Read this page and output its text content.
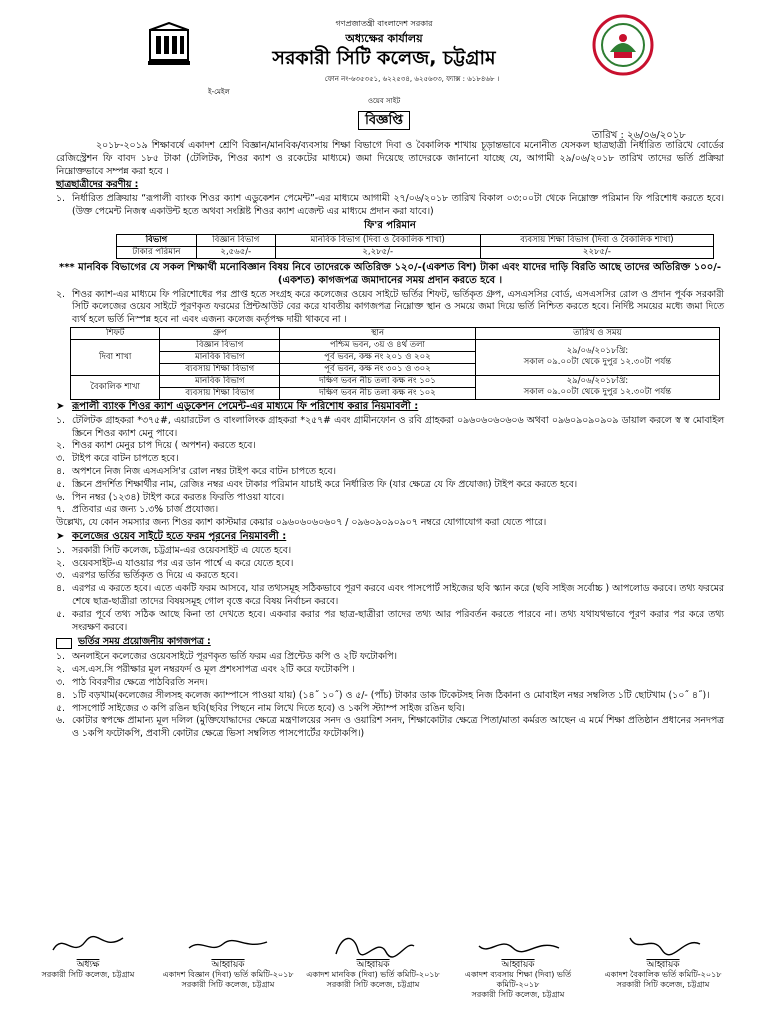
গণপ্রজাতন্ত্রী বাংলাদেশ সরকার
অধ্যক্ষের কার্যালয়
সরকারী সিটি কলেজ, চট্টগ্রাম
ফোন নং-৬৩৫৩৫১, ৬২২৫৩৪, ৬২৫৬৩৩, ফ্যাক্স : ৬১৮৪৬৮ ।
ই-মেইল
ওয়েব সাইট
বিজ্ঞপ্তি
তারিখ : ২৬/০৬/২০১৮

২০১৮-২০১৯ শিক্ষাবর্ষে একাদশ শ্রেণি বিজ্ঞান/মানবিক/ব্যবসায় শিক্ষা বিভাগে দিবা ও বৈকালিক শাখায় চূড়ান্তভাবে মনোনীত যেসকল ছাত্রছাত্রী নির্ধারিত তারিখে বোর্ডের রেজিস্ট্রেশন ফি বাবদ ১৮৫ টাকা (টেলিটক, শিওর ক্যাশ ও রকেটের মাধ্যমে) জমা দিয়েছে তাদেরকে জানানো যাচ্ছে যে, আগামী ২৯/০৬/২০১৮ তারিখ তাদের ভর্তি প্রক্রিয়া নিম্নোক্তভাবে সম্পন্ন করা হবে ।

ছাত্রছাত্রীদের করণীয় :
১. নির্ধারিত প্রক্রিয়ায় “রূপালী ব্যাংক শিওর ক্যাশ এডুকেশন পেমেন্ট”-এর মাধ্যমে আগামী ২৭/০৬/২০১৮ তারিখ বিকাল ০৩:০০টা থেকে নিম্নোক্ত পরিমান ফি পরিশোধ করতে হবে।(উক্ত পেমেন্ট নিজস্ব একাউন্ট হতে অথবা সংশ্লিষ্ট শিওর ক্যাশ এজেন্ট এর মাধ্যমে প্রদান করা যাবে।)
ফি'র পরিমান
বিভাগ	বিজ্ঞান বিভাগ	মানবিক বিভাগ (দিবা ও বৈকালিক শাখা)	ব্যবসায় শিক্ষা বিভাগ (দিবা ও বৈকালিক শাখা)
টাকার পরিমান	২,৫৬৫/-	২,২৮৫/-	২২৮৫/-
*** মানবিক বিভাগের যে সকল শিক্ষার্থী মনোবিজ্ঞান বিষয় নিবে তাদেরকে অতিরিক্ত ১২০/-(একশত বিশ) টাকা এবং যাদের দাড়ি বিরতি আছে তাদের অতিরিক্ত ১০০/- (একশত) কাগজপত্র জমাদানের সময় প্রদান করতে হবে ।
২. শিওর ক্যাশ-এর মাধ্যমে ফি পরিশোধের পর প্রাপ্ত হতে সংগ্রহ করে কলেজের ওয়েব সাইটে ভর্তির শিফট, ভর্তিকৃত গ্রুপ, এসএসসির বোর্ড, এসএসসির রোল ও প্রদান পূর্বক সরকারী সিটি কলেজের ওয়েব সাইটে পূরণকৃত ফরমের প্রিন্টআউট বের করে যাবতীয় কাগজপত্র নিম্নোক্ত স্থান ও সময়ে জমা দিয়ে ভর্তি নিশ্চিত করতে হবে। নির্দিষ্ট সময়ের মধ্যে জমা দিতে ব্যর্থ হলে ভর্তি নিস্পন্ন হবে না এবং এজন্য কলেজ কর্তৃপক্ষ দায়ী থাকবে না ।
শিফট	গ্রুপ	স্থান	তারিখ ও সময়
দিবা শাখা	বিজ্ঞান বিভাগ	পশ্চিম ভবন, ৩য় ও ৪র্থ তলা	২৯/০৬/২০১৮খ্রি:
সকাল ০৯.০০টা থেকে দুপুর ১২.৩০টা পর্যন্ত
	মানবিক বিভাগ	পূর্ব ভবন, কক্ষ নং ২০১ ও ২০২	
	ব্যবসায় শিক্ষা বিভাগ	পূর্ব ভবন, কক্ষ নং ৩০১ ও ৩০২	
বৈকালিক শাখা	মানবিক বিভাগ	দক্ষিণ ভবন নীচ তলা কক্ষ নং ১০১	২৯/০৬/২০১৮খ্রি:
সকাল ০৯.০০টা থেকে দুপুর ১২.৩০টা পর্যন্ত
	ব্যবসায় শিক্ষা বিভাগ	দক্ষিণ ভবন নীচ তলা কক্ষ নং ১০২	
➤ রূপালী ব্যাংক শিওর ক্যাশ এডুকেশন পেমেন্ট-এর মাধ্যমে ফি পরিশোধ করার নিয়মাবলী :
১. টেলিটক গ্রাহকরা *৩৭৫#, এয়ারটেল ও বাংলালিংক গ্রাহকরা *২৫৭# এবং গ্রামীনফোন ও রবি গ্রাহকরা ০৯৬০৬০৬০৬০৬ অথবা ০৯৬০৯০৯০৯০৯ ডায়াল করলে স্ব স্ব মোবাইল স্ক্রিনে শিওর ক্যাশ মেনু পাবে।
২. শিওর ক্যাশ মেনুর চাপ দিয়ে ( অপশন) করতে হবে।
৩. টাইপ করে বাটন চাপতে হবে।
৪. অপশনে নিজ নিজ এসএসসি'র রোল নম্বর টাইপ করে বাটন চাপতে হবে।
৫. স্ক্রিনে প্রদর্শিত শিক্ষার্থীর নাম, রেজিঃ নম্বর এবং টাকার পরিমান যাচাই করে নির্ধারিত ফি (যার ক্ষেত্রে যে ফি প্রযোজ্য) টাইপ করে করতে হবে।
৬. পিন নম্বর (১২৩৪) টাইপ করে করতঃ ফিরতি পাওয়া যাবে।
৭. প্রতিবার এর জন্য ১.৩% চার্জ প্রযোজ্য।
উল্লেখ্য, যে কোন সমস্যার জন্য শিওর ক্যাশ কাস্টমার কেয়ার ০৯৬০৬০৬০৬০৭ / ০৯৬০৯০৯০৯০৭ নম্বরে যোগাযোগ করা যেতে পারে।
➤ কলেজের ওয়েব সাইটে হতে ফরম পূরনের নিয়মাবলী :
১. সরকারী সিটি কলেজ, চট্টগ্রাম-এর ওয়েবসাইট এ যেতে হবে।
২. ওয়েবসাইট-এ যাওয়ার পর এর ডান পার্শ্বে এ করে যেতে হবে।
৩. এরপর ভর্তির ভর্তিকৃত ও দিয়ে এ করতে হবে।
৪. এরপর এ করতে হবে। এতে একটি ফরম আসবে, যার তথ্যসমূহ সঠিকভাবে পূরণ করবে এবং পাসপোর্ট সাইজের ছবি স্ক্যান করে (ছবি সাইজ সর্বোচ্চ ) আপলোড করবে। তথ্য ফরমের শেষে ছাত্র-ছাত্রীরা তাদের বিষয়সমূহ গোল বৃত্তে করে বিষয় নির্বাচন করবে।
৫. করার পূর্বে তথ্য সঠিক আছে কিনা তা দেখতে হবে। একবার করার পর ছাত্র-ছাত্রীরা তাদের তথ্য আর পরিবর্তন করতে পারবে না। তথ্য যথাযথভাবে পূরণ করার পর করে তথ্য সংরক্ষণ করবে।
ভর্তির সময় প্রয়োজনীয় কাগজপত্র :
১. অনলাইনে কলেজের ওয়েবসাইটে পূরণকৃত ভর্তি ফরম এর প্রিন্টেড কপি ও ২টি ফটোকপি।
২. এস.এস.সি পরীক্ষার মূল নম্বরফর্দ ও মূল প্রশংসাপত্র এবং ২টি করে ফটোকপি ।
৩. পাঠ বিবরণীর ক্ষেত্রে পাঠবিরতি সনদ।
৪. ১টি বড়খাম(কলেজের সীলসহ কলেজ ক্যাম্পাসে পাওয়া যায়) (১৪˝ ১০˝) ও ৫/- (পাঁচ) টাকার ডাক টিকেটসহ নিজ ঠিকানা ও মোবাইল নম্বর সম্বলিত ১টি ছোটখাম (১০˝ ৪˝)।
৫. পাসপোর্ট সাইজের ৩ কপি রঙিন ছবি(ছবির পিছনে নাম লিখে দিতে হবে) ও ১কপি স্ট্যাম্প সাইজ রঙিন ছবি।
৬. কোটার স্বপক্ষে প্রামান্য মূল দলিল (মুক্তিযোদ্ধাদের ক্ষেত্রে মন্ত্রণালয়ের সনদ ও ওয়ারিশ সনদ, শিক্ষাকোটার ক্ষেত্রে পিতা/মাতা কর্মরত আছেন এ মর্মে শিক্ষা প্রতিষ্ঠান প্রধানের সনদপত্র ও ১কপি ফটোকপি, প্রবাসী কোটার ক্ষেত্রে ভিসা সম্বলিত পাসপোর্টের ফটোকপি।)
অধ্যক্ষ
সরকারী সিটি কলেজ, চট্টগ্রাম
আহ্বায়ক
একাদশ বিজ্ঞান (দিবা) ভর্তি কমিটি-২০১৮
সরকারী সিটি কলেজ, চট্টগ্রাম
আহ্বায়ক
একাদশ মানবিক (দিবা) ভর্তি কমিটি-২০১৮
সরকারী সিটি কলেজ, চট্টগ্রাম
আহ্বায়ক
একাদশ ব্যবসায় শিক্ষা (দিবা) ভর্তি কমিটি-২০১৮
সরকারী সিটি কলেজ, চট্টগ্রাম
আহ্বায়ক
একাদশ বৈকালিক ভর্তি কমিটি-২০১৮
সরকারী সিটি কলেজ, চট্টগ্রাম
